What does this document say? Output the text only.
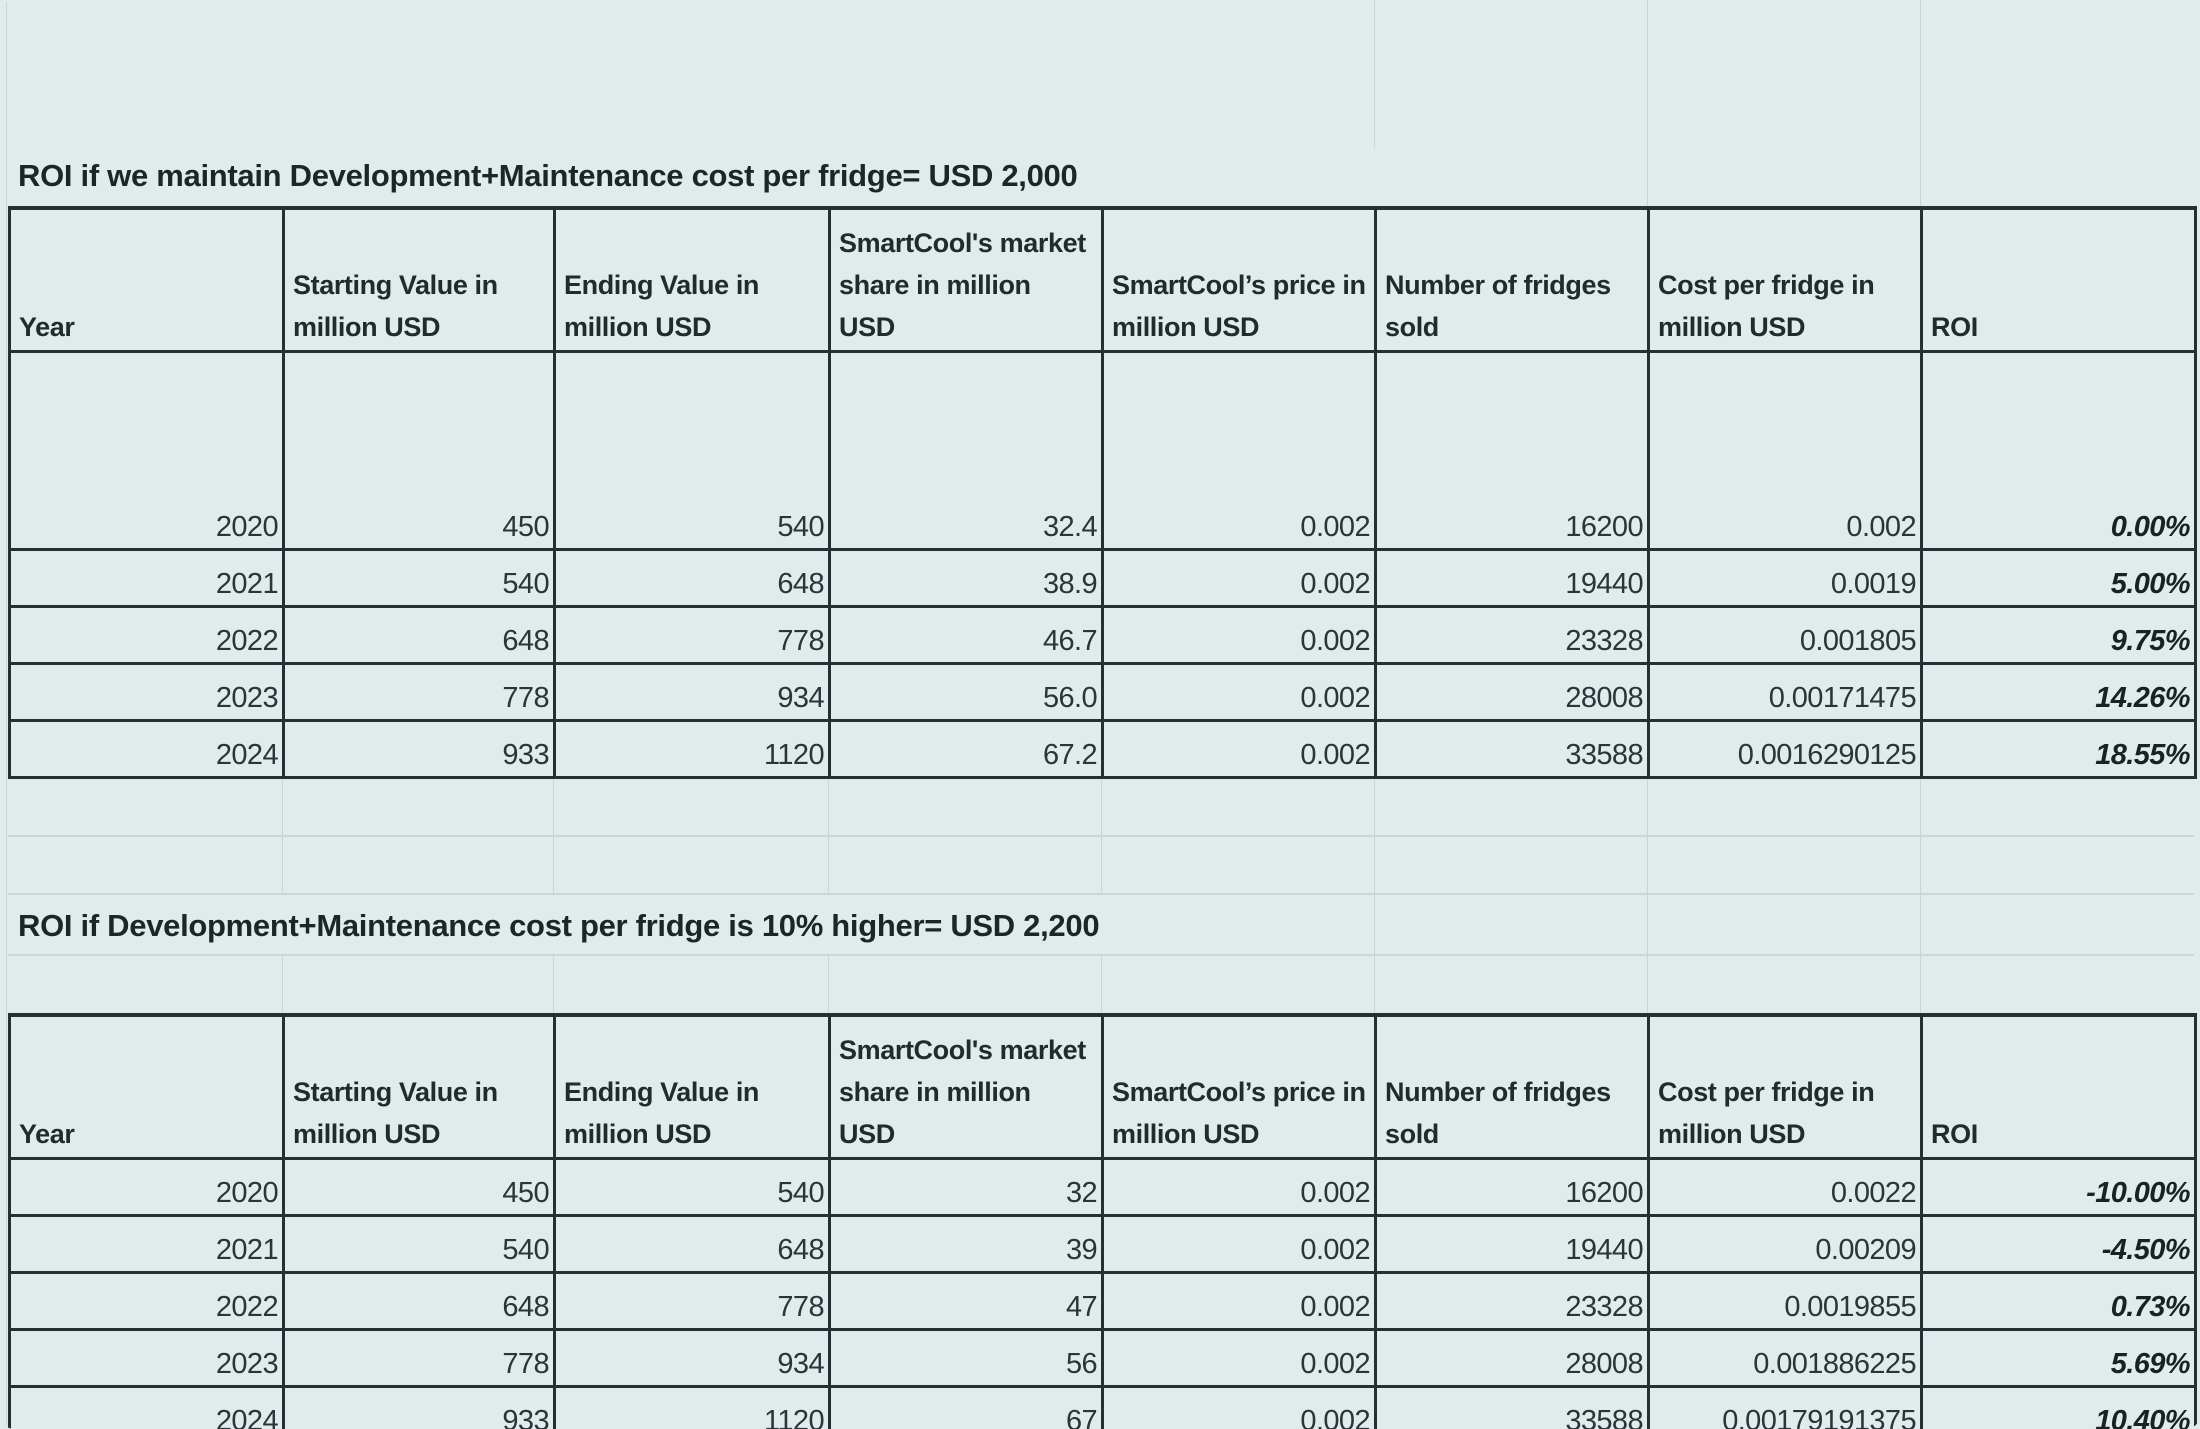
ROI if we maintain Development+Maintenance cost per fridge= USD 2,000
Year	Starting Value in million USD	Ending Value in million USD	SmartCool's market share in million USD	SmartCool’s price in million USD	Number of fridges sold	Cost per fridge in million USD	ROI
2020	450	540	32.4	0.002	16200	0.002	0.00%
2021	540	648	38.9	0.002	19440	0.0019	5.00%
2022	648	778	46.7	0.002	23328	0.001805	9.75%
2023	778	934	56.0	0.002	28008	0.00171475	14.26%
2024	933	1120	67.2	0.002	33588	0.0016290125	18.55%
ROI if Development+Maintenance cost per fridge is 10% higher= USD 2,200
Year	Starting Value in million USD	Ending Value in million USD	SmartCool's market share in million USD	SmartCool’s price in million USD	Number of fridges sold	Cost per fridge in million USD	ROI
2020	450	540	32	0.002	16200	0.0022	-10.00%
2021	540	648	39	0.002	19440	0.00209	-4.50%
2022	648	778	47	0.002	23328	0.0019855	0.73%
2023	778	934	56	0.002	28008	0.001886225	5.69%
2024	933	1120	67	0.002	33588	0.00179191375	10.40%
